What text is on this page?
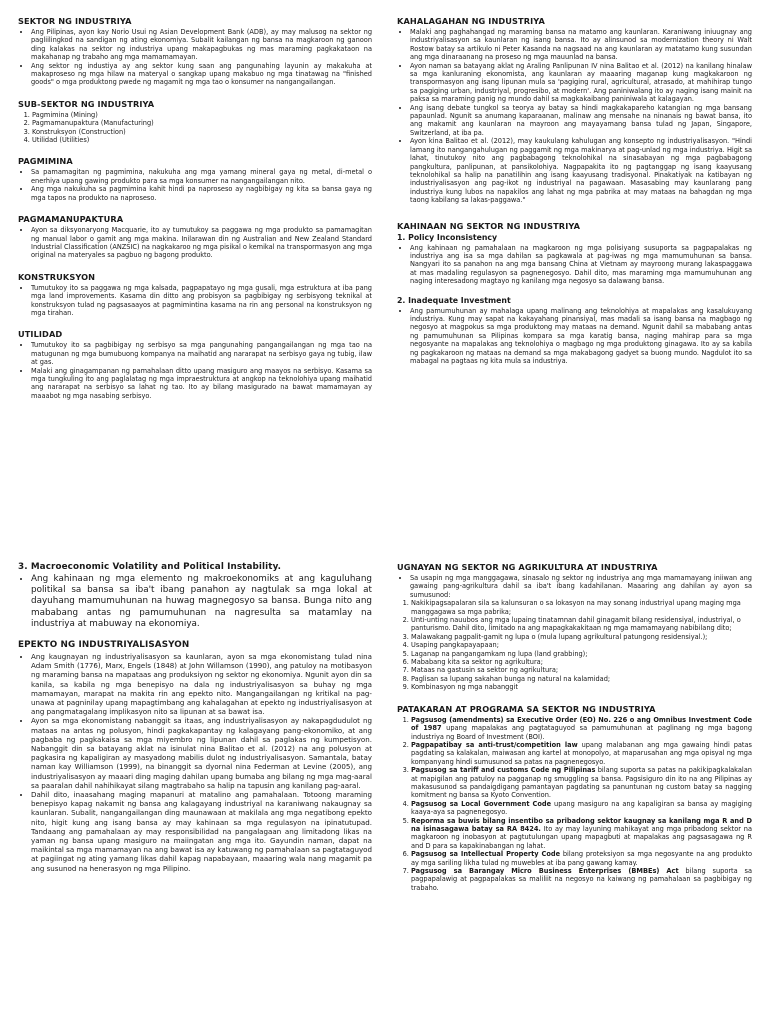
SEKTOR NG INDUSTRIYA
• Ang Pilipinas, ayon kay Norio Usui ng Asian Development Bank (ADB), ay may malusog na sektor ng pagliilingkod na sandigan ng ating ekonomiya. Subalit kailangan ng bansa na magkaroon ng ganoon ding kalakas na sektor ng industriya upang makapagbukas ng mas maraming pagkakataon na makahanap ng trabaho ang mga mamamamayan.
• Ang sektor ng industiya ay ang sektor kung saan ang pangunahing layunin ay makakuha at makaproseso ng mga hilaw na materyal o sangkap upang makabuo ng mga tinatawag na "finished goods" o mga produktong pwede ng magamit ng mga tao o konsumer na nangangailangan.
SUB-SEKTOR NG INDUSTRIYA
1. Pagmimina (Mining)
2. Pagmamanupaktura (Manufacturing)
3. Konstruksyon (Construction)
4. Utilidad (Utilities)
PAGMIMINA
• Sa pamamagitan ng pagmimina, nakukuha ang mga yamang mineral gaya ng metal, di-metal o enerhiya upang gawing produkto para sa mga konsumer na nangangailangan nito.
• Ang mga nakukuha sa pagmimina kahit hindi pa naproseso ay nagbibigay ng kita sa bansa gaya ng mga tapos na produkto na naproseso.
PAGMAMANUPAKTURA
• Ayon sa diksyonaryong Macquarie, ito ay tumutukoy sa paggawa ng mga produkto sa pamamagitan ng manual labor o gamit ang mga makina. Inilarawan din ng Australian and New Zealand Standard Industrial Classification (ANZSIC) na nagkakaroo ng mga pisikal o kemikal na transpormasyon ang mga original na materyales sa pagbuo ng bagong produkto.
KONSTRUKSYON
• Tumutukoy ito sa paggawa ng mga kalsada, pagpapatayo ng mga gusali, mga estruktura at iba pang mga land improvements. Kasama din ditto ang probisyon sa pagbibigay ng serbisyong teknikal at konstruksyon tulad ng pagsasaayos at pagmimintina kasama na rin ang personal na konstruksyon ng mga tirahan.
UTILIDAD
• Tumutukoy ito sa pagbibigay ng serbisyo sa mga pangunahing pangangailangan ng mga tao na matugunan ng mga bumubuong kompanya na maihatid ang nararapat na serbisyo gaya ng tubig, ilaw at gas.
• Malaki ang ginagampanan ng pamahalaan ditto upang masiguro ang maayos na serbisyo. Kasama sa mga tungkuling ito ang paglalatag ng mga impraestruktura at angkop na teknolohiya upang maihatid ang nararapat na serbisyo sa lahat ng tao. Ito ay bilang masigurado na bawat mamamayan ay maaabot ng mga nasabing serbisyo.
KAHALAGAHAN NG INDUSTRIYA
• Malaki ang paghahangad ng maraming bansa na matamo ang kaunlaran. Karaniwang iniuugnay ang industriyalisasyon sa kaunlaran ng isang bansa. Ito ay alinsunod sa modernization theory ni Walt Rostow batay sa artikulo ni Peter Kasanda na nagsaad na ang kaunlaran ay matatamo kung susundan ang mga dinaraanang na proseso ng mga mauunlad na bansa.
• Ayon naman sa batayang aklat ng Araling Panlipunan IV nina Balitao et al. (2012) na kanilang hinalaw sa mga kanluraning ekonomista, ang kaunlaran ay maaaring maganap kung magkakaroon ng transpormasyon ang isang lipunan mula sa 'pagiging rural, agricultural, atrasado, at mahihirap tungo sa pagiging urban, industriyal, progresibo, at modern'. Ang paniniwalang ito ay naging isang mainit na paksa sa maraming panig ng mundo dahil sa magkakaibang paniniwala at kalagayan.
• Ang isang debate tungkol sa teorya ay batay sa hindi magkakapareho katangian ng mga bansang papaunlad. Ngunit sa anumang kaparaanan, malinaw ang mensahe na ninanais ng bawat bansa, ito ang makamit ang kaunlaran na mayroon ang mayayamang bansa tulad ng Japan, Singapore, Switzerland, at iba pa.
• Ayon kina Balitao et al. (2012), may kaukulang kahulugan ang konsepto ng industriyalisasyon. "Hindi lamang ito nangangahulugan ng paggamit ng mga makinarya at pag-unlad ng mga industriya. Higit sa lahat, tinutukoy nito ang pagbabagong teknolohikal na sinasabayan ng mga pagbabagong pangkultura, panlipunan, at pansikolohiya. Nagpapakita ito ng pagtanggap ng isang kaayusang teknolohikal sa halip na panatilihin ang isang kaayusang tradisyonal. Pinakatiyak na katibayan ng industriyalisasyon ang pag-ikot ng industriyal na pagawaan. Masasabing may kaunlarang pang industriya kung lubos na napakilos ang lahat ng mga pabrika at may mataas na bahagdan ng mga taong kabilang sa lakas-paggawa."
KAHINAAN NG SEKTOR NG INDUSTRIYA
1. Policy Inconsistency
• Ang kahinaan ng pamahalaan na magkaroon ng mga polisiyang susuporta sa pagpapalakas ng industriya ang isa sa mga dahilan sa pagkawala at pag-iwas ng mga mamumuhunan sa bansa. Nangyari ito sa panahon na ang mga bansang China at Vietnam ay mayroong murang lakaspaggawa at mas madaling regulasyon sa pagnenegosyo. Dahil dito, mas maraming mga mamumuhunan ang naging interesadong magtayo ng kanilang mga negosyo sa dalawang bansa.
2. Inadequate Investment
• Ang pamumuhunan ay mahalaga upang malinang ang teknolohiya at mapalakas ang kasalukuyang industriya. Kung may sapat na kakayahang pinansiyal, mas madali sa isang bansa na magbago ng negosyo at magpokus sa mga produktong may mataas na demand. Ngunit dahil sa mababang antas ng pamumuhunan sa Pilipinas kompara sa mga karatig bansa, naging mahirap para sa mga negosyante na mapalakas ang teknolohiya o magbago ng mga produktong ginagawa. Ito ay sa kabila ng pagkakaroon ng mataas na demand sa mga makabagong gadyet sa buong mundo. Nagdulot ito sa mabagal na pagtaas ng kita mula sa industriya.
3. Macroeconomic Volatility and Political Instability.
• Ang kahinaan ng mga elemento ng makroekonomiks at ang kaguluhang politikal sa bansa sa iba't ibang panahon ay nagtulak sa mga lokal at dayuhang mamumuhunan na huwag magnegosyo sa bansa. Bunga nito ang mababang antas ng pamumuhunan na nagresulta sa matamlay na industriya at mabuway na ekonomiya.
EPEKTO NG INDUSTRIYALISASYON
• Ang kaugnayan ng industriyalisasyon sa kaunlaran, ayon sa mga ekonomistang tulad nina Adam Smith (1776), Marx, Engels (1848) at John Willamson (1990), ang patuloy na motibasyon ng maraming bansa na mapataas ang produksiyon ng sektor ng ekonomiya. Ngunit ayon din sa kanila, sa kabila ng mga benepisyo na dala ng industriyalisasyon sa buhay ng mga mamamayan, marapat na makita rin ang epekto nito. Mangangailangan ng kritikal na pag-unawa at pagninilay upang mapagtimbang ang kahalagahan at epekto ng industriyalisasyon at ang pangmatagalang implikasyon nito sa lipunan at sa bawat isa.
• Ayon sa mga ekonomistang nabanggit sa itaas, ang industriyalisasyon ay nakapagdudulot ng mataas na antas ng polusyon, hindi pagkakapantay ng kalagayang pang-ekonomiko, at ang pagbaba ng pagkakaisa sa mga miyembro ng lipunan dahil sa paglakas ng kumpetisyon. Nabanggit din sa batayang aklat na isinulat nina Balitao et al. (2012) na ang polusyon at pagkasira ng kapaligiran ay masyadong mabilis dulot ng industriyalisasyon. Samantala, batay naman kay Williamson (1999), na binanggit sa dyornal nina Federman at Levine (2005), ang industriyalisasyon ay maaari ding maging dahilan upang bumaba ang bilang ng mga mag-aaral sa paaralan dahil nahihikayat silang magtrabaho sa halip na tapusin ang kanilang pag-aaral.
• Dahil dito, inaasahang maging mapanuri at matalino ang pamahalaan. Totoong maraming benepisyo kapag nakamit ng bansa ang kalagayang industriyal na karaniwang nakaugnay sa kaunlaran. Subalit, nangangailangan ding maunawaan at makilala ang mga negatibong epekto nito, higit kung ang isang bansa ay may kahinaan sa mga regulasyon na ipinatutupad. Tandaang ang pamahalaan ay may responsibilidad na pangalagaan ang limitadong likas na yaman ng bansa upang masiguro na maiingatan ang mga ito. Gayundin naman, dapat na maikintal sa mga mamamayan na ang bawat isa ay katuwang ng pamahalaan sa pagtataguyod at pagiingat ng ating yamang likas dahil kapag napabayaan, maaaring wala nang magamit pa ang susunod na henerasyon ng mga Pilipino.
UGNAYAN NG SEKTOR NG AGRIKULTURA AT INDUSTRIYA
• Sa usapin ng mga manggagawa, sinasalo ng sektor ng industriya ang mga mamamayang iniiwan ang gawaing pang-agrikultura dahil sa iba't ibang kadahilanan. Maaaring ang dahilan ay ayon sa sumusunod:
1. Nakikipagsapalaran sila sa kalunsuran o sa lokasyon na may sonang industriyal upang maging mga manggagawa sa mga pabrika;
2. Unti-unting nauubos ang mga lupaing tinatamnan dahil ginagamit bilang residensiyal, industriyal, o panturismo. Dahil dito, limitado na ang mapagkakakitaan ng mga mamamayang nabibilang dito;
3. Malawakang pagpalit-gamit ng lupa o (mula lupang agrikultural patungong residensiyal.);
4. Usaping pangkapayapaan;
5. Laganap na pangangamkam ng lupa (land grabbing);
6. Mababang kita sa sektor ng agrikultura;
7. Mataas na gastusin sa sektor ng agrikultura;
8. Paglisan sa lupang sakahan bunga ng natural na kalamidad;
9. Kombinasyon ng mga nabanggit
PATAKARAN AT PROGRAMA SA SEKTOR NG INDUSTRIYA
1. Pagsusog (amendments) sa Executive Order (EO) No. 226 o ang Omnibus Investment Code of 1987 upang mapalakas ang pagtataguyod sa pamumuhunan at paglinang ng mga bagong industriya ng Board of Investment (BOI).
2. Pagpapatibay sa anti-trust/competition law upang malabanan ang mga gawaing hindi patas pagdating sa kalakalan, maiwasan ang kartel at monopolyo, at maparusahan ang mga opisyal ng mga kompanyang hindi sumusunod sa patas na pagnenegosyo.
3. Pagsusog sa tariff and customs Code ng Pilipinas bilang suporta sa patas na pakikipagkalakalan at mapigilan ang patuloy na pagganap ng smuggling sa bansa. Pagsisiguro din ito na ang Pilipinas ay makasusunod sa pandaigdigang pamantayan pagdating sa panuntunan ng custom batay sa nagging komitment ng bansa sa Kyoto Convention.
4. Pagsusog sa Local Government Code upang masiguro na ang kapaligiran sa bansa ay magiging kaaya-aya sa pagnenegosyo.
5. Reporma sa buwis bilang insentibo sa pribadong sektor kaugnay sa kanilang mga R and D na isinasagawa batay sa RA 8424. Ito ay may layuning mahikayat ang mga pribadong sektor na magkaroon ng inobasyon at pagtutulungan upang mapagbuti at mapalakas ang pagsasagawa ng R and D para sa kapakinabangan ng lahat.
6. Pagsusog sa Intellectual Property Code bilang proteksiyon sa mga negosyante na ang produkto ay mga sariling likha tulad ng muwebles at iba pang gawang kamay.
7. Pagsusog sa Barangay Micro Business Enterprises (BMBEs) Act bilang suporta sa pagpapalawig at pagpapalakas sa maliliit na negosyo na kaiwang ng pamahalaan sa pagbibigay ng trabaho.
